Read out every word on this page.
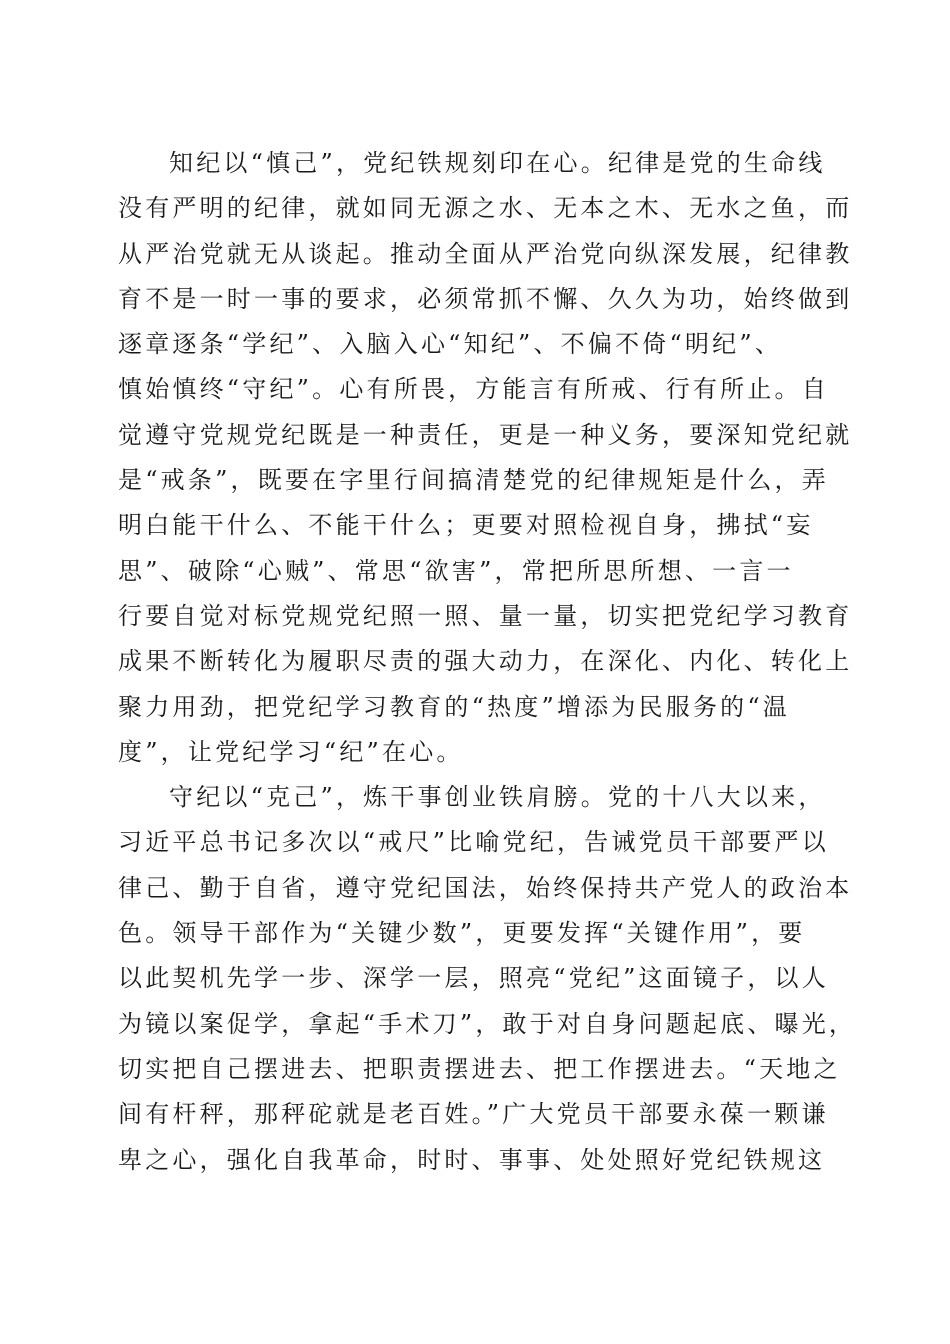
知纪以“慎己”，党纪铁规刻印在心。纪律是党的生命线
没有严明的纪律，就如同无源之水、无本之木、无水之鱼，而
从严治党就无从谈起。推动全面从严治党向纵深发展，纪律教
育不是一时一事的要求，必须常抓不懈、久久为功，始终做到
逐章逐条“学纪”、入脑入心“知纪”、不偏不倚“明纪”、
慎始慎终“守纪”。心有所畏，方能言有所戒、行有所止。自
觉遵守党规党纪既是一种责任，更是一种义务，要深知党纪就
是“戒条”，既要在字里行间搞清楚党的纪律规矩是什么，弄
明白能干什么、不能干什么；更要对照检视自身，拂拭“妄
思”、破除“心贼”、常思“欲害”，常把所思所想、一言一
行要自觉对标党规党纪照一照、量一量，切实把党纪学习教育
成果不断转化为履职尽责的强大动力，在深化、内化、转化上
聚力用劲，把党纪学习教育的“热度”增添为民服务的“温
度”，让党纪学习“纪”在心。
守纪以“克己”，炼干事创业铁肩膀。党的十八大以来，
习近平总书记多次以“戒尺”比喻党纪，告诫党员干部要严以
律己、勤于自省，遵守党纪国法，始终保持共产党人的政治本
色。领导干部作为“关键少数”，更要发挥“关键作用”，要
以此契机先学一步、深学一层，照亮“党纪”这面镜子，以人
为镜以案促学，拿起“手术刀”，敢于对自身问题起底、曝光，
切实把自己摆进去、把职责摆进去、把工作摆进去。“天地之
间有杆秤，那秤砣就是老百姓。”广大党员干部要永葆一颗谦
卑之心，强化自我革命，时时、事事、处处照好党纪铁规这
